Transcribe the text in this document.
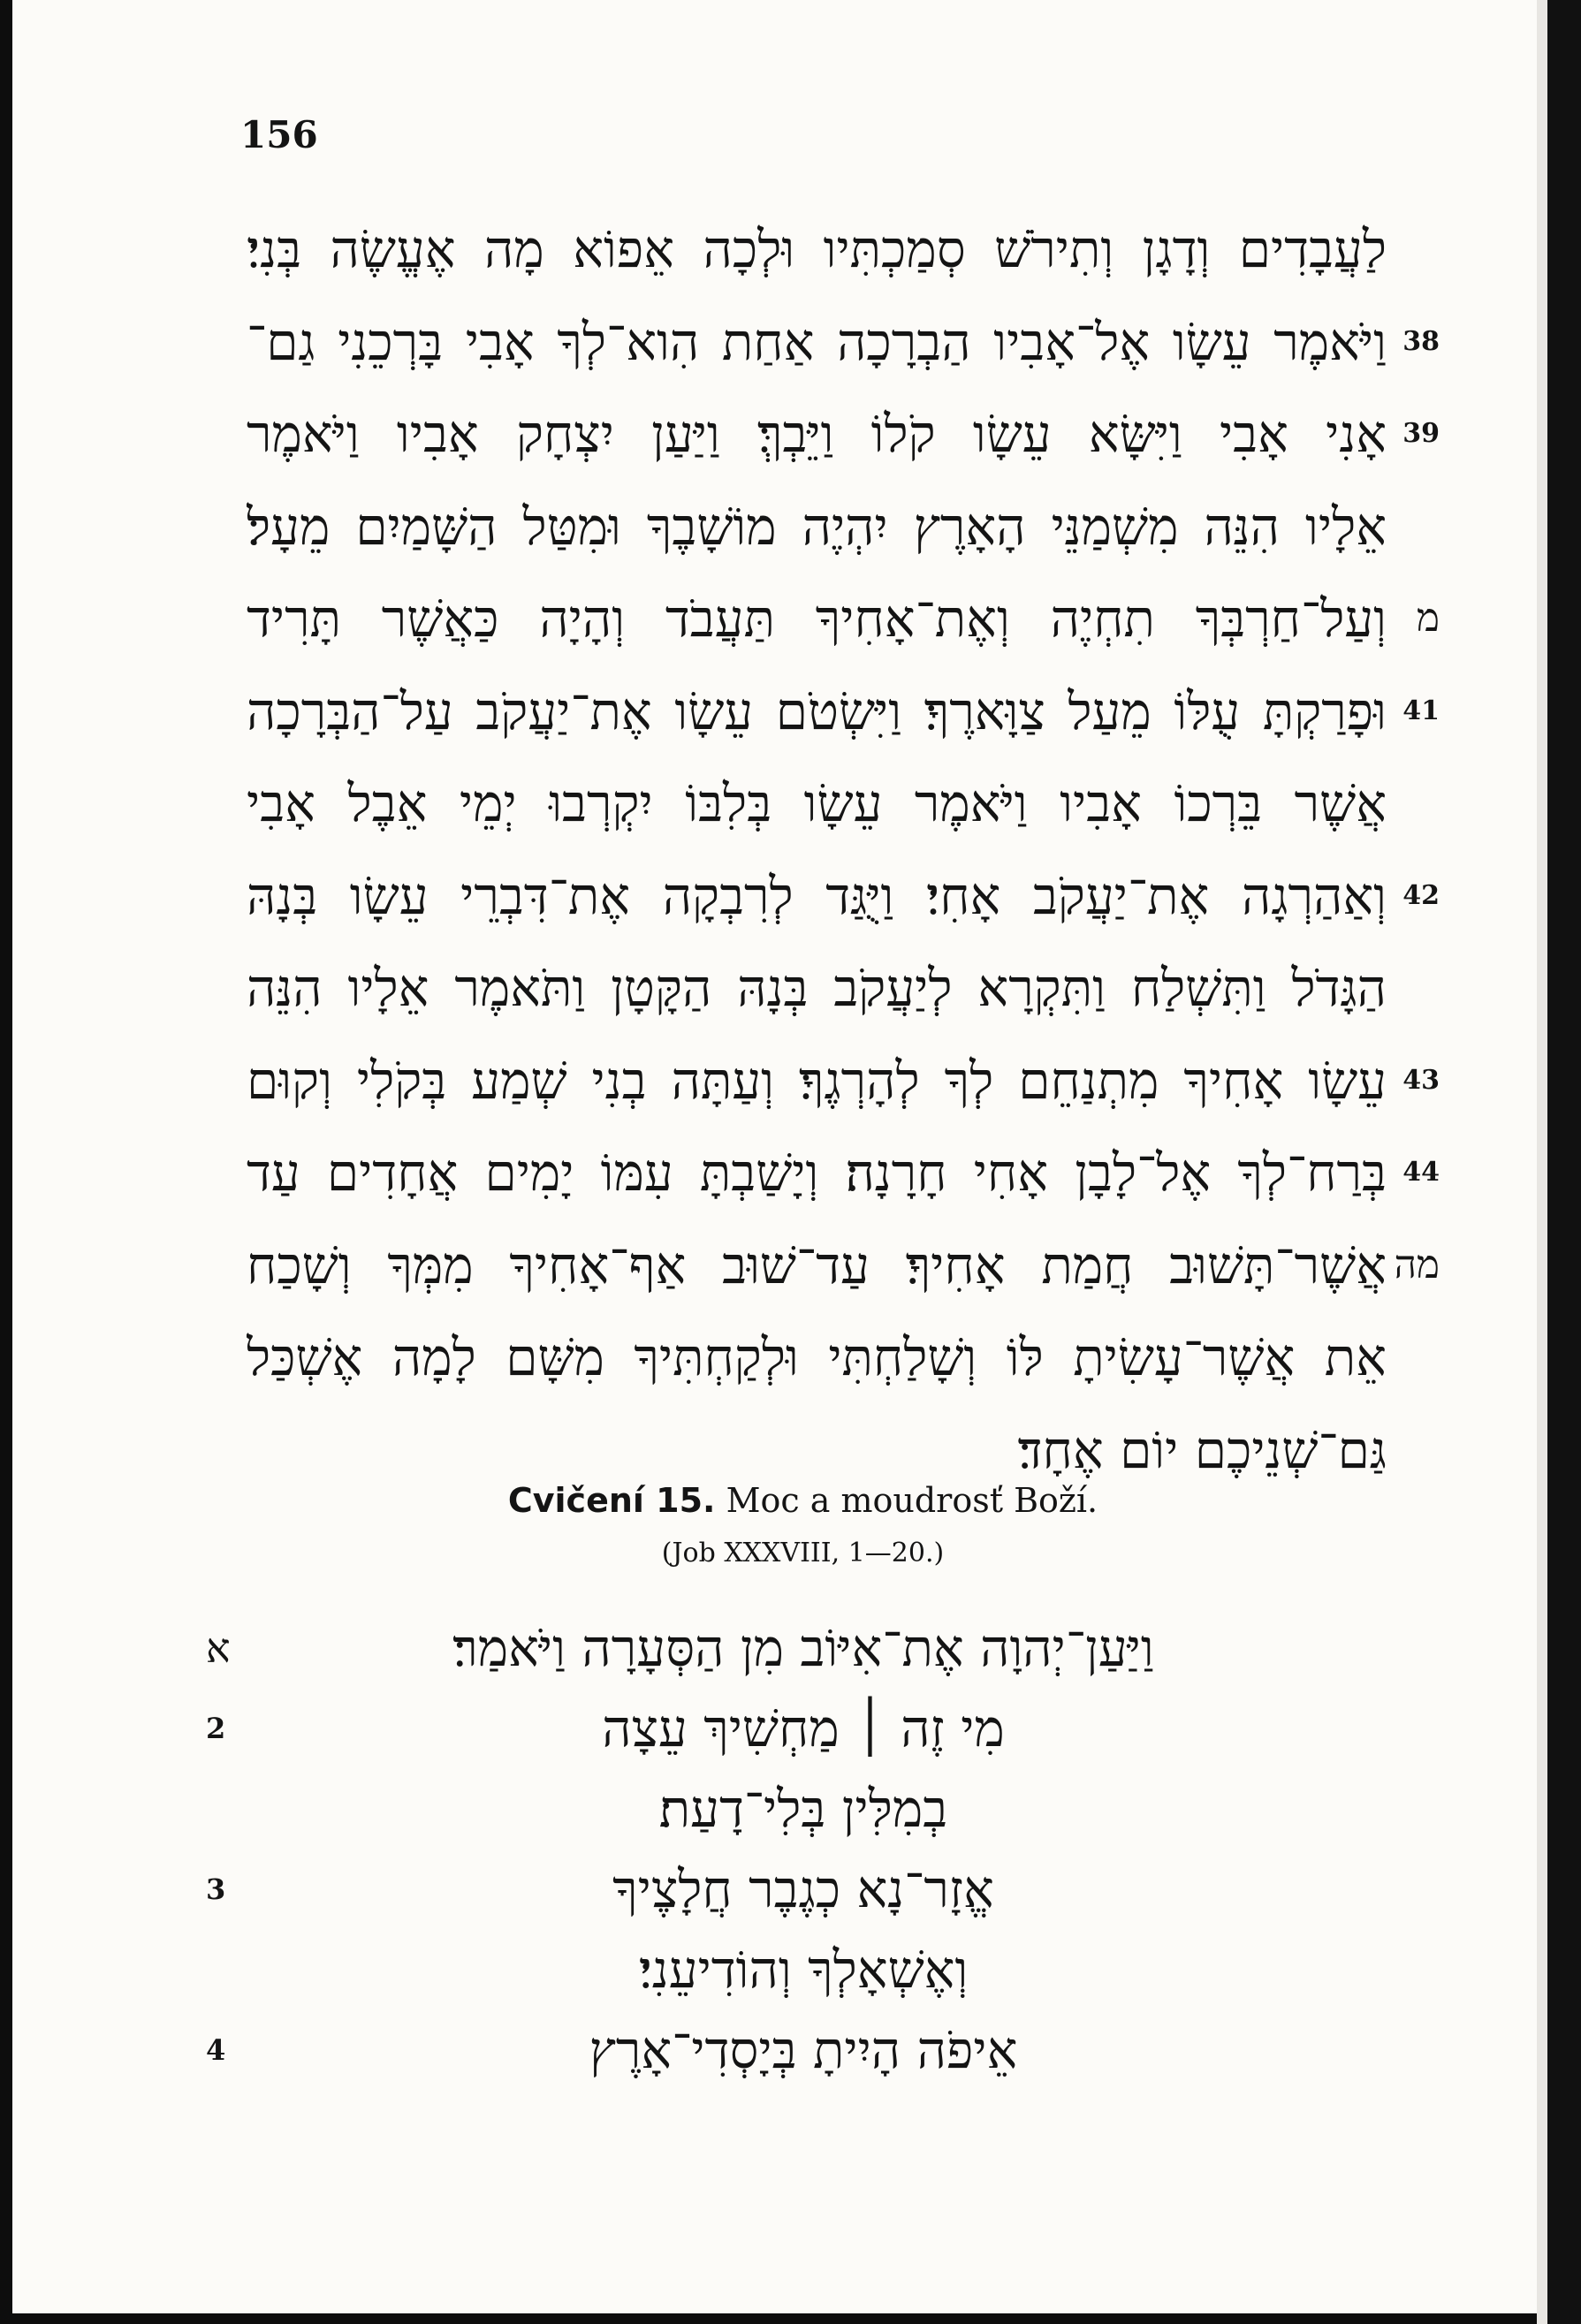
156
לַעֲבָדִים וְדָגָן וְתִירֹשׁ סְמַכְתִּיו וּלְכָה אֵפוֹא מָה אֶעֱשֶׂה בְּנִי׃
וַיֹּאמֶר עֵשָׂו אֶל־אָבִיו הַבְרָכָה אַחַת הִוא־לְךָ אָבִי בָּרְכֵנִי גַם־ 38
אָנִי אָבִי וַיִּשָּׂא עֵשָׂו קֹלוֹ וַיֵּבְךְּ׃ וַיַּעַן יִצְחָק אָבִיו וַיֹּאמֶר 39
אֵלָיו הִנֵּה מִשְׁמַנֵּי הָאָרֶץ יִהְיֶה מוֹשָׁבֶךָ וּמִטַּל הַשָּׁמַיִם מֵעָל׃
וְעַל־חַרְבְּךָ תִחְיֶה וְאֶת־אָחִיךָ תַּעֲבֹד וְהָיָה כַּאֲשֶׁר תָּרִיד מ
וּפָרַקְתָּ עֻלּוֹ מֵעַל צַוָּארֶךָ׃ וַיִּשְׂטֹם עֵשָׂו אֶת־יַעֲקֹב עַל־הַבְּרָכָה 41
אֲשֶׁר בֵּרְכוֹ אָבִיו וַיֹּאמֶר עֵשָׂו בְּלִבּוֹ יִקְרְבוּ יְמֵי אֵבֶל אָבִי
וְאַהַרְגָה אֶת־יַעֲקֹב אָחִי׃ וַיֻּגַּד לְרִבְקָה אֶת־דִּבְרֵי עֵשָׂו בְּנָהּ 42
הַגָּדֹל וַתִּשְׁלַח וַתִּקְרָא לְיַעֲקֹב בְּנָהּ הַקָּטָן וַתֹּאמֶר אֵלָיו הִנֵּה
עֵשָׂו אָחִיךָ מִתְנַחֵם לְךָ לְהָרְגֶךָ׃ וְעַתָּה בְנִי שְׁמַע בְּקֹלִי וְקוּם 43
בְּרַח־לְךָ אֶל־לָבָן אָחִי חָרָנָה׃ וְיָשַׁבְתָּ עִמּוֹ יָמִים אֲחָדִים עַד 44
אֲשֶׁר־תָּשׁוּב חֲמַת אָחִיךָ׃ עַד־שׁוּב אַף־אָחִיךָ מִמְּךָ וְשָׁכַח מה
אֵת אֲשֶׁר־עָשִׂיתָ לּוֹ וְשָׁלַחְתִּי וּלְקַחְתִּיךָ מִשָּׁם לָמָה אֶשְׁכַּל
גַּם־שְׁנֵיכֶם יוֹם אֶחָד׃
Cvičení 15. Moc a moudrosť Boží.
(Job XXXVIII, 1—20.)
וַיַּעַן־יְהוָה אֶת־אִיּוֹב מִן הַסְּעָרָה וַיֹּאמַר׃
א
מִי זֶה ׀ מַחְשִׁיךְ עֵצָה
2
בְמִלִּין בְּלִי־דָעַת׃
אֱזָר־נָא כְגֶבֶר חֲלָצֶיךָ
3
וְאֶשְׁאָלְךָ וְהוֹדִיעֵנִי׃
אֵיפֹה הָיִיתָ בְּיָסְדִי־אָרֶץ
4
